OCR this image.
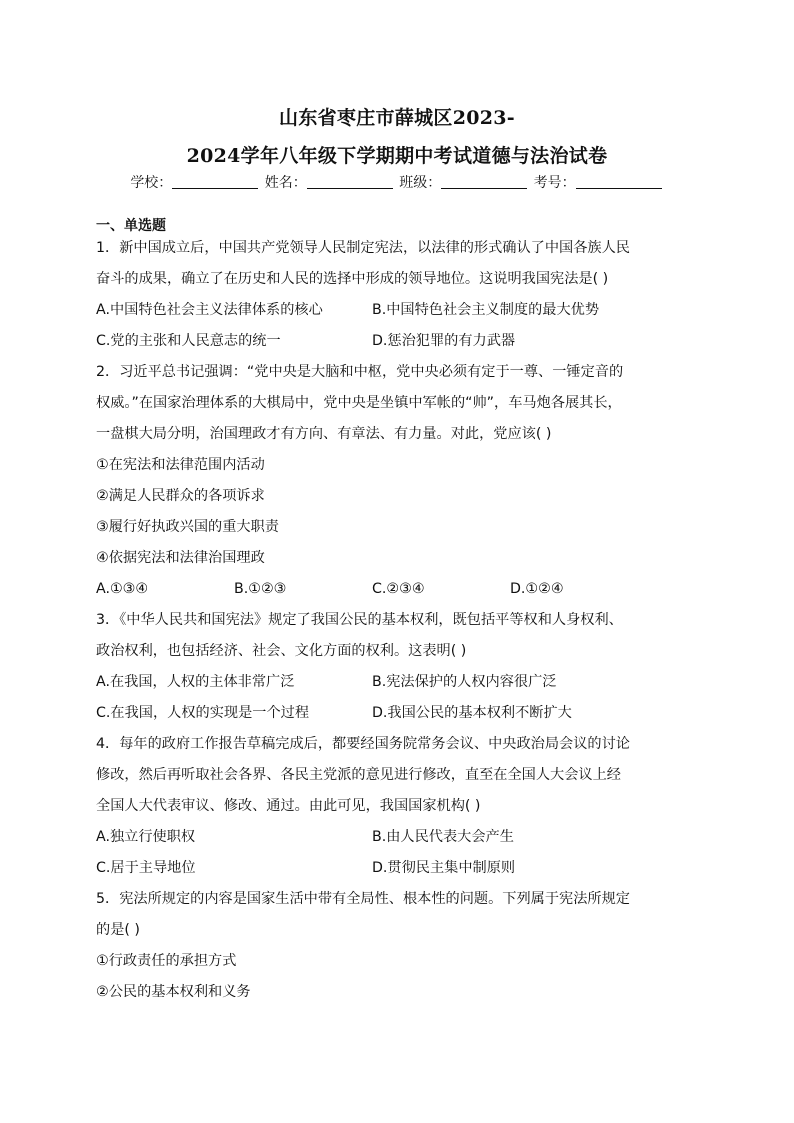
山东省枣庄市薛城区2023-
2024学年八年级下学期期中考试道德与法治试卷
学校：	姓名：	班级：	考号：
一、单选题
1．新中国成立后，中国共产党领导人民制定宪法，以法律的形式确认了中国各族人民
奋斗的成果，确立了在历史和人民的选择中形成的领导地位。这说明我国宪法是( )
A.中国特色社会主义法律体系的核心	B.中国特色社会主义制度的最大优势
C.党的主张和人民意志的统一	D.惩治犯罪的有力武器
2．习近平总书记强调：“党中央是大脑和中枢，党中央必须有定于一尊、一锤定音的
权威。”在国家治理体系的大棋局中，党中央是坐镇中军帐的“帅”，车马炮各展其长，
一盘棋大局分明，治国理政才有方向、有章法、有力量。对此，党应该( )
①在宪法和法律范围内活动
②满足人民群众的各项诉求
③履行好执政兴国的重大职责
④依据宪法和法律治国理政
A.①③④	B.①②③	C.②③④	D.①②④
3．《中华人民共和国宪法》规定了我国公民的基本权利，既包括平等权和人身权利、
政治权利，也包括经济、社会、文化方面的权利。这表明( )
A.在我国，人权的主体非常广泛	B.宪法保护的人权内容很广泛
C.在我国，人权的实现是一个过程	D.我国公民的基本权利不断扩大
4．每年的政府工作报告草稿完成后，都要经国务院常务会议、中央政治局会议的讨论
修改，然后再听取社会各界、各民主党派的意见进行修改，直至在全国人大会议上经
全国人大代表审议、修改、通过。由此可见，我国国家机构( )
A.独立行使职权	B.由人民代表大会产生
C.居于主导地位	D.贯彻民主集中制原则
5．宪法所规定的内容是国家生活中带有全局性、根本性的问题。下列属于宪法所规定
的是( )
①行政责任的承担方式
②公民的基本权利和义务
